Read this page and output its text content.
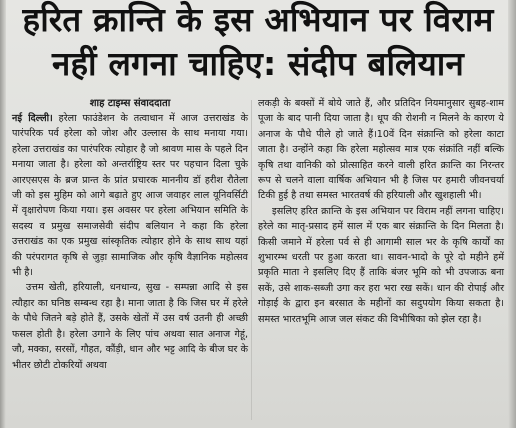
हरित क्रान्ति के इस अभियान पर विराम
नहीं लगना चाहिए: संदीप बलियान

शाह टाइम्स संवाददाता

नई दिल्ली। हरेला फाउंडेशन के तत्वाधान में आज उत्तराखंड के पारंपरिक पर्व हरेला को जोश और उल्लास के साथ मनाया गया। हरेला उत्तराखंड का पारंपरिक त्योहार है जो श्रावण मास के पहले दिन मनाया जाता है। हरेला को अन्तर्राष्ट्रिय स्तर पर पहचान दिला चुके आरएसएस के ब्रज प्रान्त के प्रांत प्रचारक माननीय डॉ हरीश रौतेला जी को इस मुहिम को आगे बढ़ाते हुए आज जवाहर लाल यूनिवर्सिटी में वृक्षारोपण किया गया। इस अवसर पर हरेला अभियान समिति के सदस्य व प्रमुख समाजसेवी संदीप बलियान ने कहा कि हरेला उत्तराखंड का एक प्रमुख सांस्कृतिक त्योहार होने के साथ साथ यहां की परंपरागत कृषि से जुड़ा सामाजिक और कृषि वैज्ञानिक महोत्सव भी है।

उत्तम खेती, हरियाली, धनधान्य, सुख - सम्पन्ना आदि से इस त्यौहार का घनिष्ठ सम्बन्ध रहा है। माना जाता है कि जिस घर में हरेले के पौधे जितने बड़े होते हैं, उसके खेतों में उस वर्ष उतनी ही अच्छी फसल होती है। हरेला उगाने के लिए पांच अथवा सात अनाज गेहूं, जौ, मक्का, सरसों, गौहत, कौंड़ी, धान और भट्ट आदि के बीज घर के भीतर छोटी टोकरियों अथवा

लकड़ी के बक्सों में बोये जाते हैं, और प्रतिदिन नियमानुसार सुबह-शाम पूजा के बाद पानी दिया जाता है। धूप की रोशनी न मिलने के कारण ये अनाज के पौधे पीले हो जाते हैं।10वें दिन संक्रान्ति को हरेला काटा जाता है। उन्होंने कहा कि हरेला महोत्सव मात्र एक संक्रांति नहीं बल्कि कृषि तथा वानिकी को प्रोत्साहित करने वाली हरित क्रान्ति का निरन्तर रूप से चलने वाला वार्षिक अभियान भी है जिस पर हमारी जीवनचर्या टिकी हुई है तथा समस्त भारतवर्ष की हरियाली और खुशहाली भी।

इसलिए हरित क्रान्ति के इस अभियान पर विराम नहीं लगना चाहिए। हरेले का मातृ-प्रसाद हमें साल में एक बार संक्रान्ति के दिन मिलता है। किसी जमाने में हरेला पर्व से ही आगामी साल भर के कृषि कार्यों का शुभारम्भ धरती पर हुआ करता था। सावन-भादो के पूरे दो महीने हमें प्रकृति माता ने इसलिए दिए हैं ताकि बंजर भूमि को भी उपजाऊ बना सकें, उसे शाक-सब्जी उगा कर हरा भरा रख सकें। धान की रोपाई और गोड़ाई के द्वारा इन बरसात के महीनों का सदुपयोग किया सकता है। समस्त भारतभूमि आज जल संकट की विभीषिका को झेल रहा है।
